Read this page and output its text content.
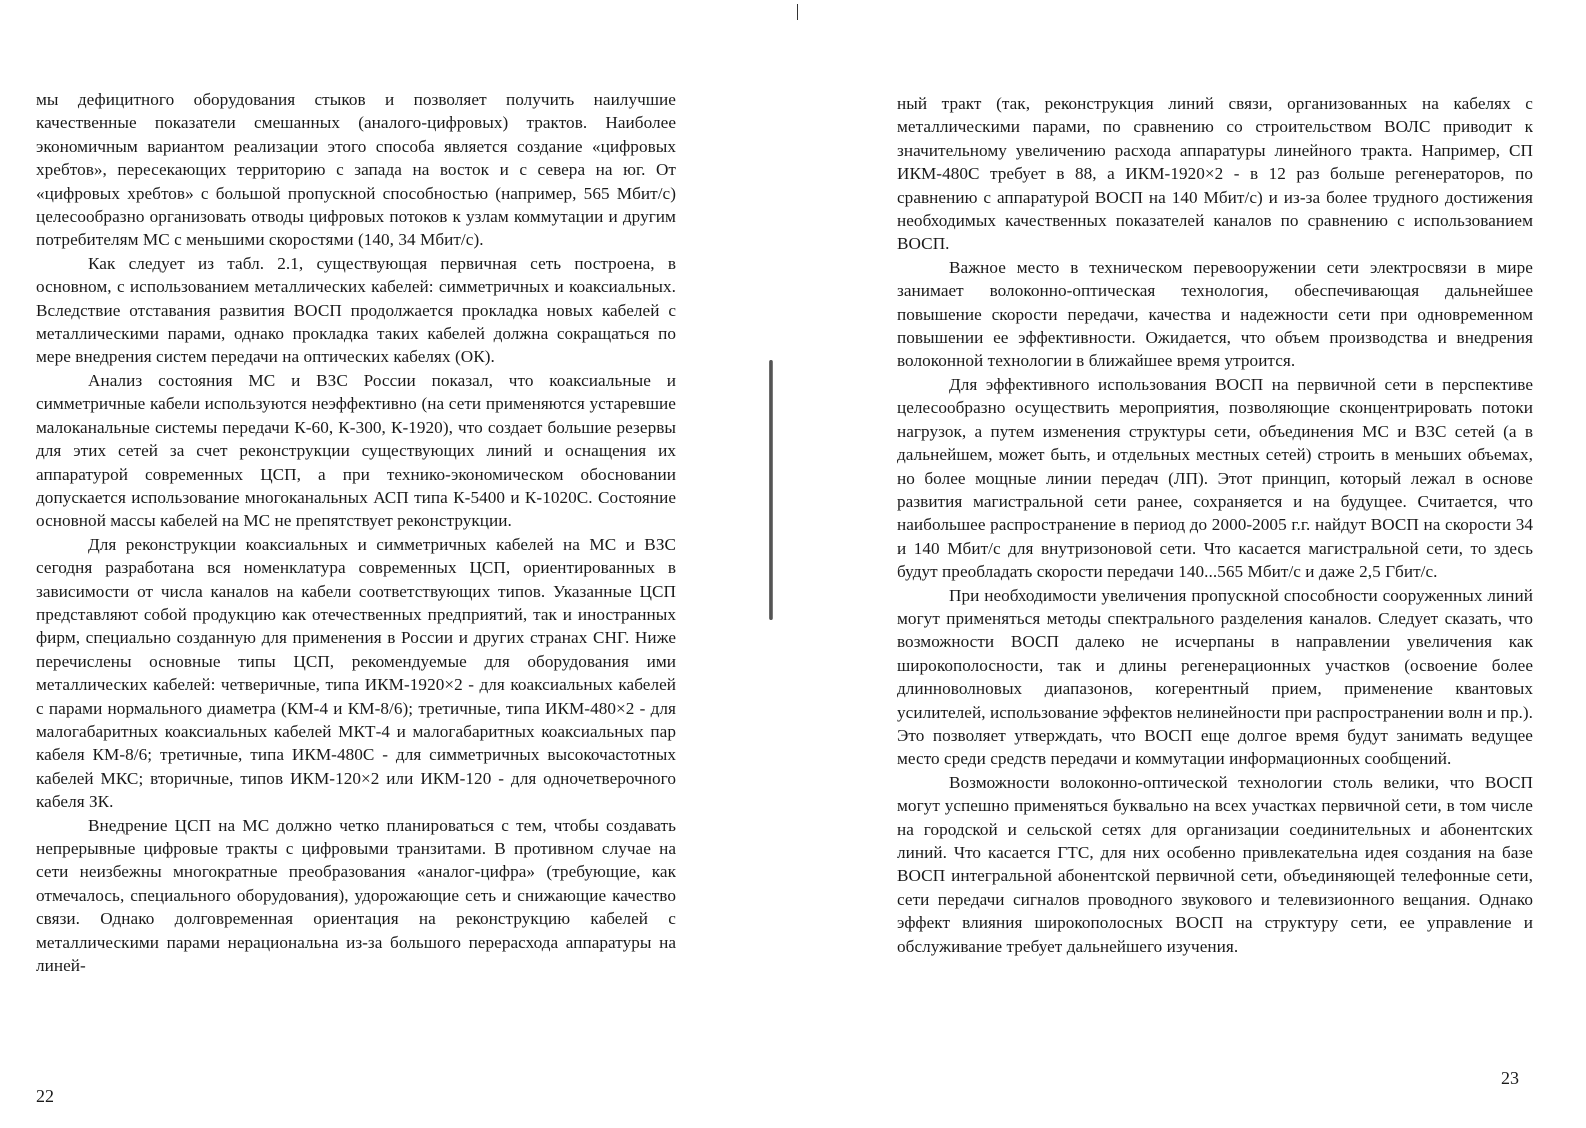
мы дефицитного оборудования стыков и позволяет получить наилучшие качественные показатели смешанных (аналого-цифровых) трактов. Наиболее экономичным вариантом реализации этого способа является создание «цифровых хребтов», пересекающих территорию с запада на восток и с севера на юг. От «цифровых хребтов» с большой пропускной способностью (например, 565 Мбит/с) целесообразно организовать отводы цифровых потоков к узлам коммутации и другим потребителям МС с меньшими скоростями (140, 34 Мбит/с).

Как следует из табл. 2.1, существующая первичная сеть построена, в основном, с использованием металлических кабелей: симметричных и коаксиальных. Вследствие отставания развития ВОСП продолжается прокладка новых кабелей с металлическими парами, однако прокладка таких кабелей должна сокращаться по мере внедрения систем передачи на оптических кабелях (ОК).

Анализ состояния МС и ВЗС России показал, что коаксиальные и симметричные кабели используются неэффективно (на сети применяются устаревшие малоканальные системы передачи К-60, К-300, К-1920), что создает большие резервы для этих сетей за счет реконструкции существующих линий и оснащения их аппаратурой современных ЦСП, а при технико-экономическом обосновании допускается использование многоканальных АСП типа К-5400 и К-1020С. Состояние основной массы кабелей на МС не препятствует реконструкции.

Для реконструкции коаксиальных и симметричных кабелей на МС и ВЗС сегодня разработана вся номенклатура современных ЦСП, ориентированных в зависимости от числа каналов на кабели соответствующих типов. Указанные ЦСП представляют собой продукцию как отечественных предприятий, так и иностранных фирм, специально созданную для применения в России и других странах СНГ. Ниже перечислены основные типы ЦСП, рекомендуемые для оборудования ими металлических кабелей: четверичные, типа ИКМ-1920×2 - для коаксиальных кабелей с парами нормального диаметра (КМ-4 и КМ-8/6); третичные, типа ИКМ-480×2 - для малогабаритных коаксиальных кабелей МКТ-4 и малогабаритных коаксиальных пар кабеля КМ-8/6; третичные, типа ИКМ-480С - для симметричных высокочастотных кабелей МКС; вторичные, типов ИКМ-120×2 или ИКМ-120 - для одночетверочного кабеля ЗК.

Внедрение ЦСП на МС должно четко планироваться с тем, чтобы создавать непрерывные цифровые тракты с цифровыми транзитами. В противном случае на сети неизбежны многократные преобразования «аналог-цифра» (требующие, как отмечалось, специального оборудования), удорожающие сеть и снижающие качество связи. Однако долговременная ориентация на реконструкцию кабелей с металлическими парами нерациональна из-за большого перерасхода аппаратуры на линей-

22

ный тракт (так, реконструкция линий связи, организованных на кабелях с металлическими парами, по сравнению со строительством ВОЛС приводит к значительному увеличению расхода аппаратуры линейного тракта. Например, СП ИКМ-480С требует в 88, а ИКМ-1920×2 - в 12 раз больше регенераторов, по сравнению с аппаратурой ВОСП на 140 Мбит/с) и из-за более трудного достижения необходимых качественных показателей каналов по сравнению с использованием ВОСП.

Важное место в техническом перевооружении сети электросвязи в мире занимает волоконно-оптическая технология, обеспечивающая дальнейшее повышение скорости передачи, качества и надежности сети при одновременном повышении ее эффективности. Ожидается, что объем производства и внедрения волоконной технологии в ближайшее время утроится.

Для эффективного использования ВОСП на первичной сети в перспективе целесообразно осуществить мероприятия, позволяющие сконцентрировать потоки нагрузок, а путем изменения структуры сети, объединения МС и ВЗС сетей (а в дальнейшем, может быть, и отдельных местных сетей) строить в меньших объемах, но более мощные линии передач (ЛП). Этот принцип, который лежал в основе развития магистральной сети ранее, сохраняется и на будущее. Считается, что наибольшее распространение в период до 2000-2005 г.г. найдут ВОСП на скорости 34 и 140 Мбит/с для внутризоновой сети. Что касается магистральной сети, то здесь будут преобладать скорости передачи 140...565 Мбит/с и даже 2,5 Гбит/с.

При необходимости увеличения пропускной способности сооруженных линий могут применяться методы спектрального разделения каналов. Следует сказать, что возможности ВОСП далеко не исчерпаны в направлении увеличения как широкополосности, так и длины регенерационных участков (освоение более длинноволновых диапазонов, когерентный прием, применение квантовых усилителей, использование эффектов нелинейности при распространении волн и пр.). Это позволяет утверждать, что ВОСП еще долгое время будут занимать ведущее место среди средств передачи и коммутации информационных сообщений.

Возможности волоконно-оптической технологии столь велики, что ВОСП могут успешно применяться буквально на всех участках первичной сети, в том числе на городской и сельской сетях для организации соединительных и абонентских линий. Что касается ГТС, для них особенно привлекательна идея создания на базе ВОСП интегральной абонентской первичной сети, объединяющей телефонные сети, сети передачи сигналов проводного звукового и телевизионного вещания. Однако эффект влияния широкополосных ВОСП на структуру сети, ее управление и обслуживание требует дальнейшего изучения.

23
